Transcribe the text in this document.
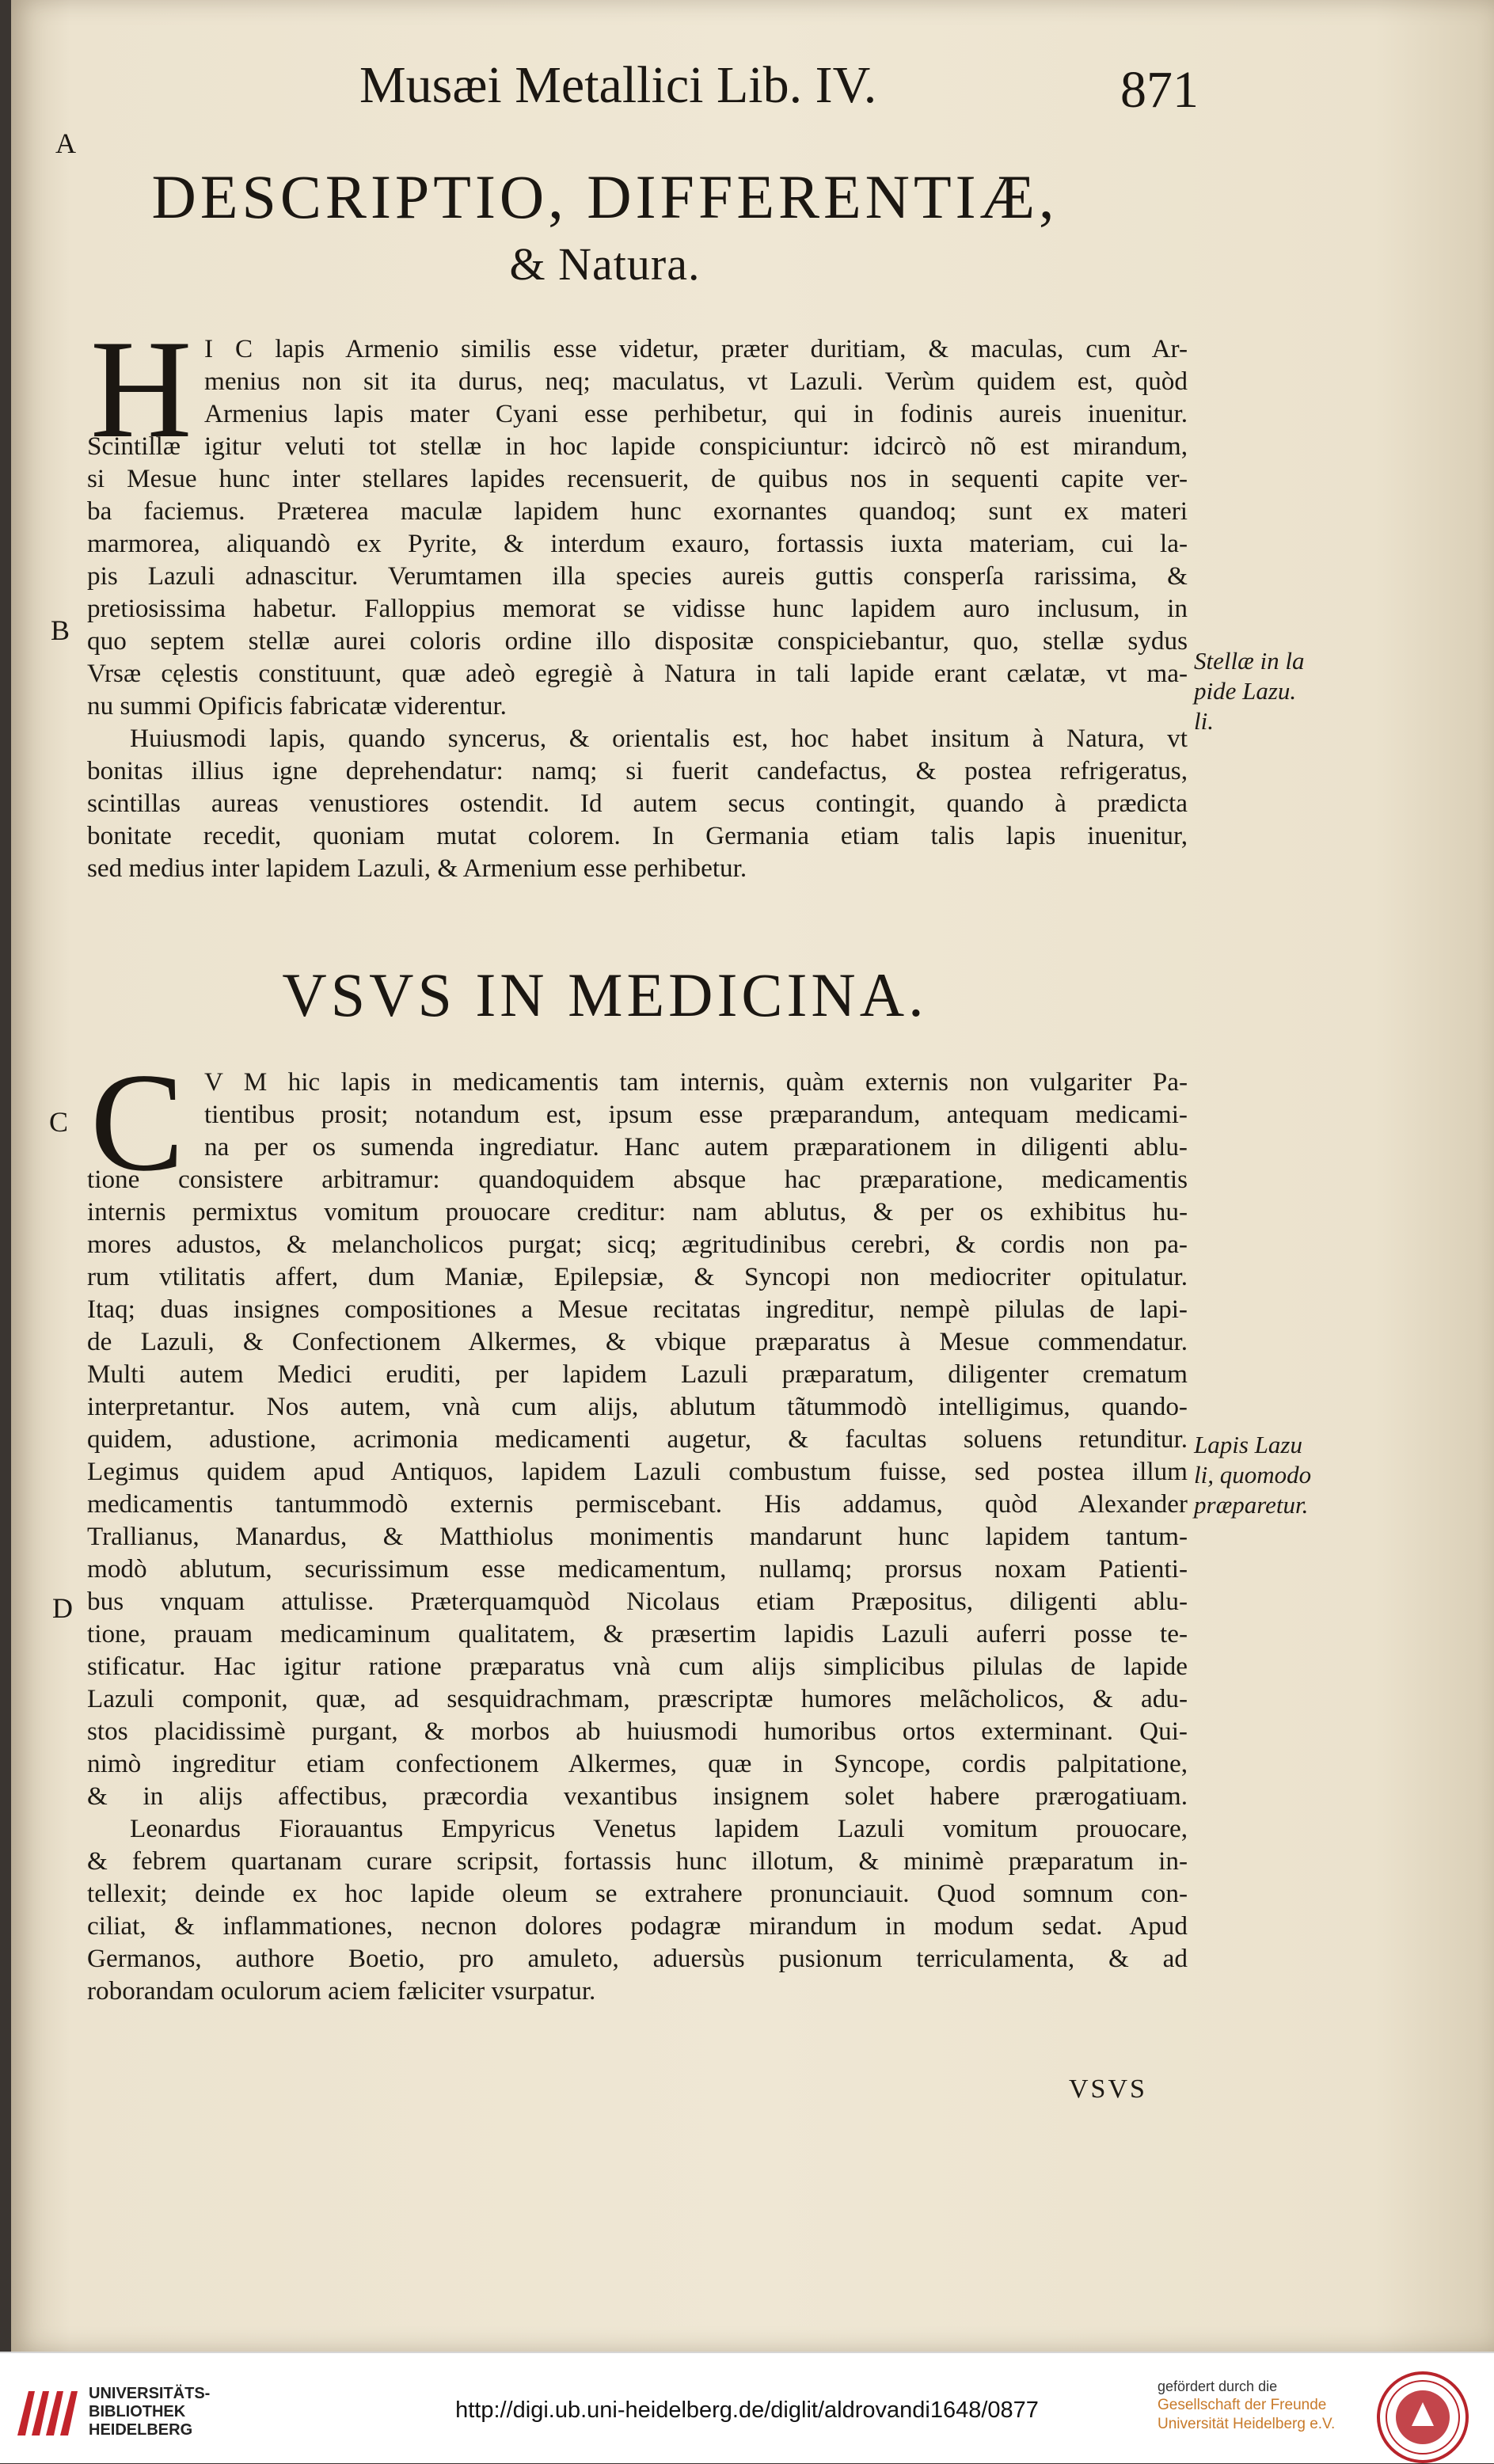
Musæi Metallici Lib. IV.	871
A
B
C
D
DESCRIPTIO, DIFFERENTIÆ,
& Natura.
H I C lapis Armenio similis esse videtur, præter duritiam, & maculas, cum Ar-
menius non sit ita durus, neq; maculatus, vt Lazuli. Verùm quidem est, quòd
Armenius lapis mater Cyani esse perhibetur, qui in fodinis aureis inuenitur.
Scintillæ igitur veluti tot stellæ in hoc lapide conspiciuntur: idcircò nõ est mirandum,
si Mesue hunc inter stellares lapides recensuerit, de quibus nos in sequenti capite ver-
ba faciemus. Præterea maculæ lapidem hunc exornantes quandoq; sunt ex materi
marmorea, aliquandò ex Pyrite, & interdum exauro, fortassis iuxta materiam, cui la-
pis Lazuli adnascitur. Verumtamen illa species aureis guttis consperſa rarissima, &
pretiosissima habetur. Falloppius memorat se vidisse hunc lapidem auro inclusum, in
quo septem stellæ aurei coloris ordine illo dispositæ conspiciebantur, quo, stellæ sydus
Vrsæ cęlestis constituunt, quæ adeò egregiè à Natura in tali lapide erant cælatæ, vt ma-
nu summi Opificis fabricatæ viderentur.
Huiusmodi lapis, quando syncerus, & orientalis est, hoc habet insitum à Natura, vt
bonitas illius igne deprehendatur: namq; si fuerit candefactus, & postea refrigeratus,
scintillas aureas venustiores ostendit. Id autem secus contingit, quando à prædicta
bonitate recedit, quoniam mutat colorem. In Germania etiam talis lapis inuenitur,
sed medius inter lapidem Lazuli, & Armenium esse perhibetur.
Stellæ in la
pide Lazu.
li.
VSVS IN MEDICINA.
C V M hic lapis in medicamentis tam internis, quàm externis non vulgariter Pa-
tientibus prosit; notandum est, ipsum esse præparandum, antequam medicami-
na per os sumenda ingrediatur. Hanc autem præparationem in diligenti ablu-
tione consistere arbitramur: quandoquidem absque hac præparatione, medicamentis
internis permixtus vomitum prouocare creditur: nam ablutus, & per os exhibitus hu-
mores adustos, & melancholicos purgat; sicq; ægritudinibus cerebri, & cordis non pa-
rum vtilitatis affert, dum Maniæ, Epilepsiæ, & Syncopi non mediocriter opitulatur.
Itaq; duas insignes compositiones a Mesue recitatas ingreditur, nempè pilulas de lapi-
de Lazuli, & Confectionem Alkermes, & vbique præparatus à Mesue commendatur.
Multi autem Medici eruditi, per lapidem Lazuli præparatum, diligenter crematum
interpretantur. Nos autem, vnà cum alijs, ablutum tãtummodò intelligimus, quando-
quidem, adustione, acrimonia medicamenti augetur, & facultas soluens retunditur.
Legimus quidem apud Antiquos, lapidem Lazuli combustum fuisse, sed postea illum
medicamentis tantummodò externis permiscebant. His addamus, quòd Alexander
Trallianus, Manardus, & Matthiolus monimentis mandarunt hunc lapidem tantum-
modò ablutum, securissimum esse medicamentum, nullamq; prorsus noxam Patienti-
bus vnquam attulisse. Præterquamquòd Nicolaus etiam Præpositus, diligenti ablu-
tione, prauam medicaminum qualitatem, & præsertim lapidis Lazuli auferri posse te-
stificatur. Hac igitur ratione præparatus vnà cum alijs simplicibus pilulas de lapide
Lazuli componit, quæ, ad sesquidrachmam, præscriptæ humores melãcholicos, & adu-
stos placidissimè purgant, & morbos ab huiusmodi humoribus ortos exterminant. Qui-
nimò ingreditur etiam confectionem Alkermes, quæ in Syncope, cordis palpitatione,
& in alijs affectibus, præcordia vexantibus insignem solet habere prærogatiuam.
Leonardus Fiorauantus Empyricus Venetus lapidem Lazuli vomitum prouocare,
& febrem quartanam curare scripsit, fortassis hunc illotum, & minimè præparatum in-
tellexit; deinde ex hoc lapide oleum se extrahere pronunciauit. Quod somnum con-
ciliat, & inflammationes, necnon dolores podagræ mirandum in modum sedat. Apud
Germanos, authore Boetio, pro amuleto, aduersùs pusionum terriculamenta, & ad
roborandam oculorum aciem fæliciter vsurpatur.
Lapis Lazu
li, quomodo
præparetur.
VSVS
UNIVERSITÄTS-
BIBLIOTHEK
HEIDELBERG
http://digi.ub.uni-heidelberg.de/diglit/aldrovandi1648/0877
gefördert durch die
Gesellschaft der Freunde
Universität Heidelberg e.V.
